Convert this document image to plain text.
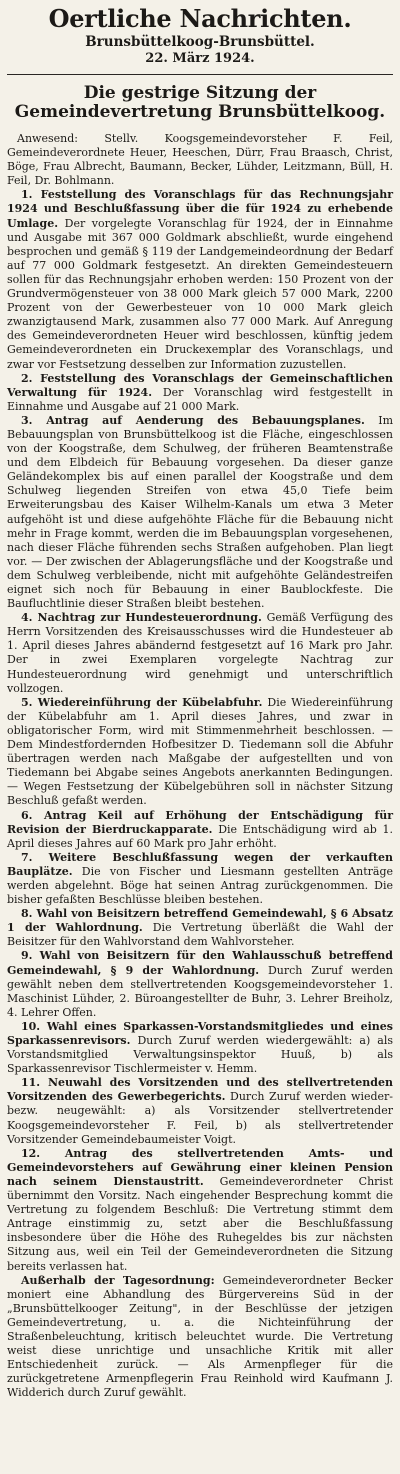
Oertliche Nachrichten.
Brunsbüttelkoog-Brunsbüttel.
22. März 1924.
Die gestrige Sitzung der
Gemeindevertretung Brunsbüttelkoog.

Anwesend: Stellv. Koogsgemeindevorsteher F. Feil, Gemeindeverordnete Heuer, Heeschen, Dürr, Frau Braasch, Christ, Böge, Frau Albrecht, Baumann, Becker, Lühder, Leitzmann, Büll, H. Feil, Dr. Bohlmann.

1. Feststellung des Voranschlags für das Rechnungsjahr 1924 und Beschlußfassung über die für 1924 zu erhebende Umlage. Der vorgelegte Voranschlag für 1924, der in Einnahme und Ausgabe mit 367 000 Goldmark abschließt, wurde eingehend besprochen und gemäß § 119 der Landgemeindeordnung der Bedarf auf 77 000 Goldmark festgesetzt. An direkten Gemeindesteuern sollen für das Rechnungsjahr erhoben werden: 150 Prozent von der Grundvermögensteuer von 38 000 Mark gleich 57 000 Mark, 2200 Prozent von der Gewerbesteuer von 10 000 Mark gleich zwanzigtausend Mark, zusammen also 77 000 Mark. Auf Anregung des Gemeindeverordneten Heuer wird beschlossen, künftig jedem Gemeindeverordneten ein Druckexemplar des Voranschlags, und zwar vor Festsetzung desselben zur Information zuzustellen.

2. Feststellung des Voranschlags der Gemeinschaftlichen Verwaltung für 1924. Der Voranschlag wird festgestellt in Einnahme und Ausgabe auf 21 000 Mark.

3. Antrag auf Aenderung des Bebauungsplanes. Im Bebauungsplan von Brunsbüttelkoog ist die Fläche, eingeschlossen von der Koogstraße, dem Schulweg, der früheren Beamtenstraße und dem Elbdeich für Bebauung vorgesehen. Da dieser ganze Geländekomplex bis auf einen parallel der Koogstraße und dem Schulweg liegenden Streifen von etwa 45,0 Tiefe beim Erweiterungsbau des Kaiser Wilhelm-Kanals um etwa 3 Meter aufgehöht ist und diese aufgehöhte Fläche für die Bebauung nicht mehr in Frage kommt, werden die im Bebauungsplan vorgesehenen, nach dieser Fläche führenden sechs Straßen aufgehoben. Plan liegt vor. — Der zwischen der Ablagerungsfläche und der Koogstraße und dem Schulweg verbleibende, nicht mit aufgehöhte Geländestreifen eignet sich noch für Bebauung in einer Baublockfeste. Die Baufluchtlinie dieser Straßen bleibt bestehen.

4. Nachtrag zur Hundesteuerordnung. Gemäß Verfügung des Herrn Vorsitzenden des Kreisausschusses wird die Hundesteuer ab 1. April dieses Jahres abändernd festgesetzt auf 16 Mark pro Jahr. Der in zwei Exemplaren vorgelegte Nachtrag zur Hundesteuerordnung wird genehmigt und unterschriftlich vollzogen.

5. Wiedereinführung der Kübelabfuhr. Die Wiedereinführung der Kübelabfuhr am 1. April dieses Jahres, und zwar in obligatorischer Form, wird mit Stimmenmehrheit beschlossen. — Dem Mindestfordernden Hofbesitzer D. Tiedemann soll die Abfuhr übertragen werden nach Maßgabe der aufgestellten und von Tiedemann bei Abgabe seines Angebots anerkannten Bedingungen. — Wegen Festsetzung der Kübelgebühren soll in nächster Sitzung Beschluß gefaßt werden.

6. Antrag Keil auf Erhöhung der Entschädigung für Revision der Bierdruckapparate. Die Entschädigung wird ab 1. April dieses Jahres auf 60 Mark pro Jahr erhöht.

7. Weitere Beschlußfassung wegen der verkauften Bauplätze. Die von Fischer und Liesmann gestellten Anträge werden abgelehnt. Böge hat seinen Antrag zurückgenommen. Die bisher gefaßten Beschlüsse bleiben bestehen.

8. Wahl von Beisitzern betreffend Gemeindewahl, § 6 Absatz 1 der Wahlordnung. Die Vertretung überläßt die Wahl der Beisitzer für den Wahlvorstand dem Wahlvorsteher.

9. Wahl von Beisitzern für den Wahlausschuß betreffend Gemeindewahl, § 9 der Wahlordnung. Durch Zuruf werden gewählt neben dem stellvertretenden Koogsgemeindevorsteher 1. Maschinist Lühder, 2. Büroangestellter de Buhr, 3. Lehrer Breiholz, 4. Lehrer Offen.

10. Wahl eines Sparkassen-Vorstandsmitgliedes und eines Sparkassenrevisors. Durch Zuruf werden wiedergewählt: a) als Vorstandsmitglied Verwaltungsinspektor Huuß, b) als Sparkassenrevisor Tischlermeister v. Hemm.

11. Neuwahl des Vorsitzenden und des stellvertretenden Vorsitzenden des Gewerbegerichts. Durch Zuruf werden wieder- bezw. neugewählt: a) als Vorsitzender stellvertretender Koogsgemeindevorsteher F. Feil, b) als stellvertretender Vorsitzender Gemeindebaumeister Voigt.

12. Antrag des stellvertretenden Amts- und Gemeindevorstehers auf Gewährung einer kleinen Pension nach seinem Dienstaustritt. Gemeindeverordneter Christ übernimmt den Vorsitz. Nach eingehender Besprechung kommt die Vertretung zu folgendem Beschluß: Die Vertretung stimmt dem Antrage einstimmig zu, setzt aber die Beschlußfassung insbesondere über die Höhe des Ruhegeldes bis zur nächsten Sitzung aus, weil ein Teil der Gemeindeverordneten die Sitzung bereits verlassen hat.

Außerhalb der Tagesordnung: Gemeindeverordneter Becker moniert eine Abhandlung des Bürgervereins Süd in der „Brunsbüttelkooger Zeitung", in der Beschlüsse der jetzigen Gemeindevertretung, u. a. die Nichteinführung der Straßenbeleuchtung, kritisch beleuchtet wurde. Die Vertretung weist diese unrichtige und unsachliche Kritik mit aller Entschiedenheit zurück. — Als Armenpfleger für die zurückgetretene Armenpflegerin Frau Reinhold wird Kaufmann J. Widderich durch Zuruf gewählt.
